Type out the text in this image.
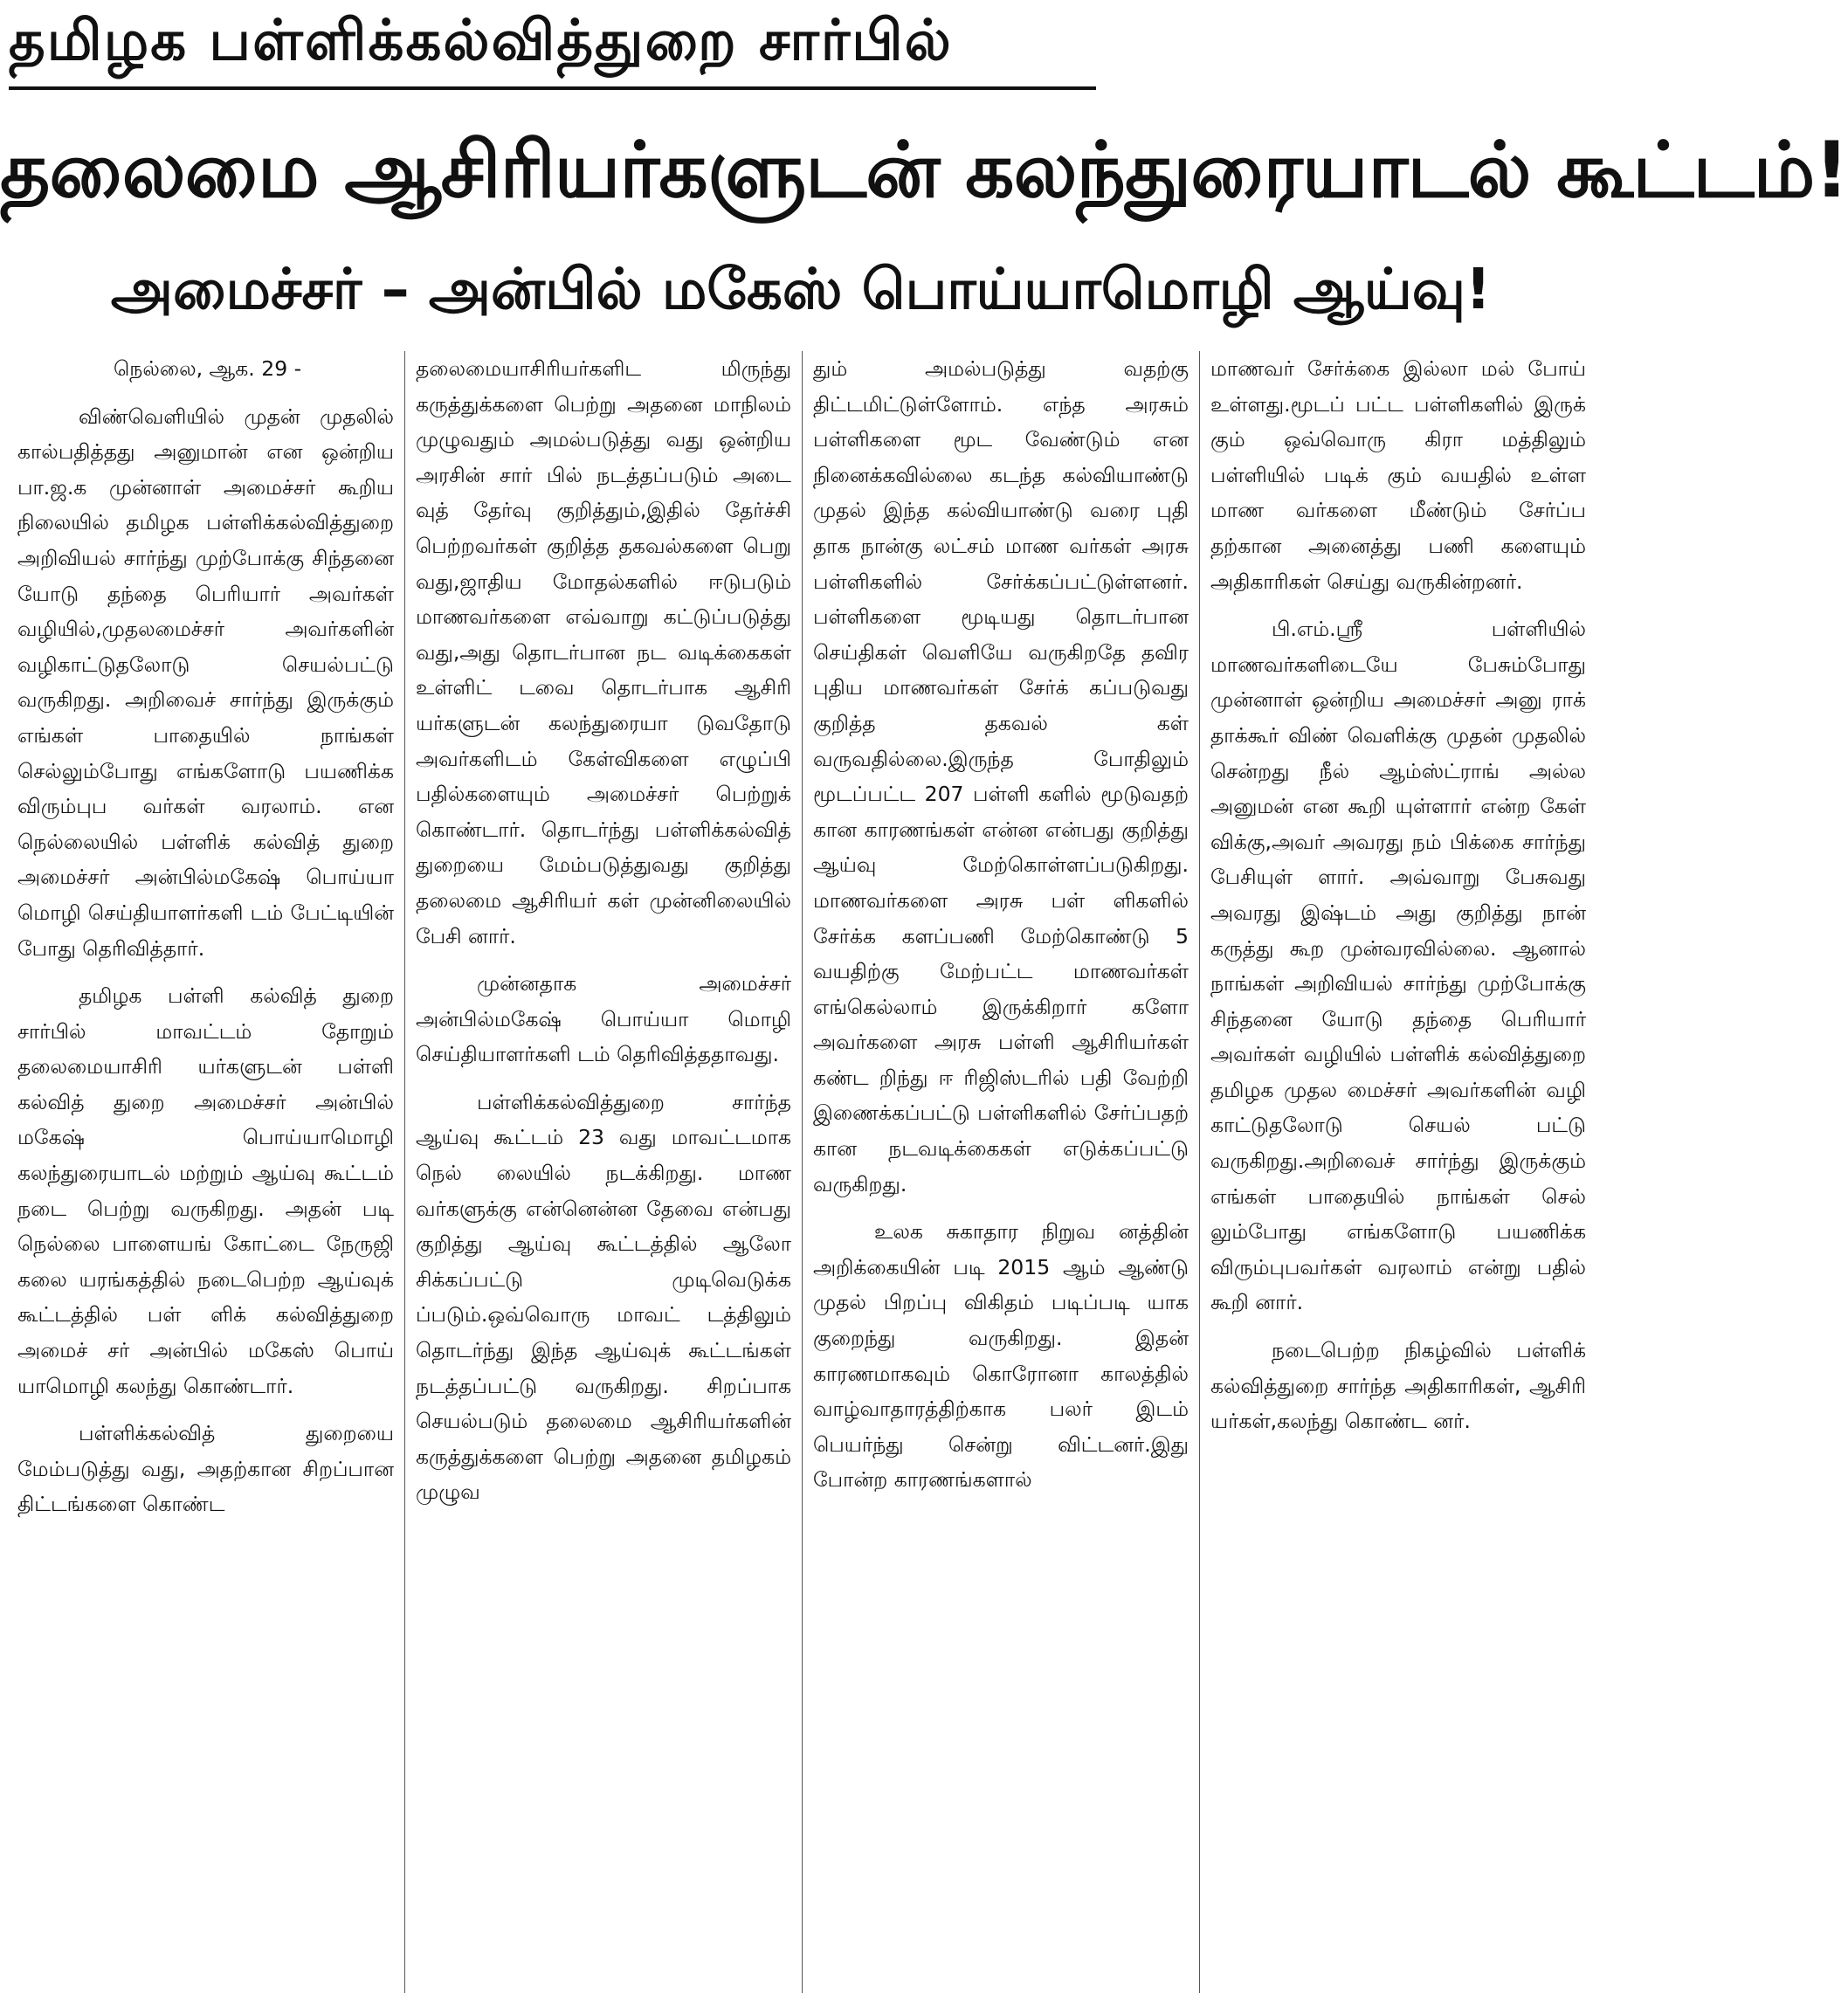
தமிழக பள்ளிக்கல்வித்துறை சார்பில்
தலைமை ஆசிரியர்களுடன் கலந்துரையாடல் கூட்டம்!
அமைச்சர் – அன்பில் மகேஸ் பொய்யாமொழி ஆய்வு!

நெல்லை, ஆக. 29 -

விண்வெளியில் முதன் முதலில் கால்பதித்தது அனுமான் என ஒன்றிய பா.ஜ.க முன்னாள் அமைச்சர் கூறிய நிலையில் தமிழக பள்ளிக்கல்வித்துறை அறிவியல் சார்ந்து முற்போக்கு சிந்தனை யோடு தந்தை பெரியார் அவர்கள் வழியில்,முதலமைச்சர் அவர்களின் வழிகாட்டுதலோடு செயல்பட்டு வருகிறது. அறிவைச் சார்ந்து இருக்கும் எங்கள் பாதையில் நாங்கள் செல்லும்போது எங்களோடு பயணிக்க விரும்புப வர்கள் வரலாம். என நெல்லையில் பள்ளிக் கல்வித் துறை அமைச்சர் அன்பில்மகேஷ் பொய்யா மொழி செய்தியாளர்களி டம் பேட்டியின் போது தெரிவித்தார்.

தமிழக பள்ளி கல்வித் துறை சார்பில் மாவட்டம் தோறும் தலைமையாசிரி யர்களுடன் பள்ளி கல்வித் துறை அமைச்சர் அன்பில் மகேஷ் பொய்யாமொழி கலந்துரையாடல் மற்றும் ஆய்வு கூட்டம் நடை பெற்று வருகிறது. அதன் படி நெல்லை பாளையங் கோட்டை நேருஜி கலை யரங்கத்தில் நடைபெற்ற ஆய்வுக் கூட்டத்தில் பள் ளிக் கல்வித்துறை அமைச் சர் அன்பில் மகேஸ் பொய் யாமொழி கலந்து கொண்டார்.

பள்ளிக்கல்வித் துறையை மேம்படுத்து வது, அதற்கான சிறப்பான திட்டங்களை கொண்ட

தலைமையாசிரியர்களிட மிருந்து கருத்துக்களை பெற்று அதனை மாநிலம் முழுவதும் அமல்படுத்து வது ஒன்றிய அரசின் சார் பில் நடத்தப்படும் அடை வுத் தேர்வு குறித்தும்,இதில் தேர்ச்சி பெற்றவர்கள் குறித்த தகவல்களை பெறு வது,ஜாதிய மோதல்களில் ஈடுபடும் மாணவர்களை எவ்வாறு கட்டுப்படுத்து வது,அது தொடர்பான நட வடிக்கைகள் உள்ளிட் டவை தொடர்பாக ஆசிரி யர்களுடன் கலந்துரையா டுவதோடு அவர்களிடம் கேள்விகளை எழுப்பி பதில்களையும் அமைச்சர் பெற்றுக் கொண்டார். தொடர்ந்து பள்ளிக்கல்வித் துறையை மேம்படுத்துவது குறித்து தலைமை ஆசிரியர் கள் முன்னிலையில் பேசி னார்.

முன்னதாக அமைச்சர் அன்பில்மகேஷ் பொய்யா மொழி செய்தியாளர்களி டம் தெரிவித்ததாவது.

பள்ளிக்கல்வித்துறை சார்ந்த ஆய்வு கூட்டம் 23 வது மாவட்டமாக நெல் லையில் நடக்கிறது. மாண வர்களுக்கு என்னென்ன தேவை என்பது குறித்து ஆய்வு கூட்டத்தில் ஆலோ சிக்கப்பட்டு முடிவெடுக்க ப்படும்.ஒவ்வொரு மாவட் டத்திலும் தொடர்ந்து இந்த ஆய்வுக் கூட்டங்கள் நடத்தப்பட்டு வருகிறது. சிறப்பாக செயல்படும் தலைமை ஆசிரியர்களின் கருத்துக்களை பெற்று அதனை தமிழகம் முழுவ

தும் அமல்படுத்து வதற்கு திட்டமிட்டுள்ளோம். எந்த அரசும் பள்ளிகளை மூட வேண்டும் என நினைக்கவில்லை கடந்த கல்வியாண்டு முதல் இந்த கல்வியாண்டு வரை புதி தாக நான்கு லட்சம் மாண வர்கள் அரசு பள்ளிகளில் சேர்க்கப்பட்டுள்ளனர். பள்ளிகளை மூடியது தொடர்பான செய்திகள் வெளியே வருகிறதே தவிர புதிய மாணவர்கள் சேர்க் கப்படுவது குறித்த தகவல் கள் வருவதில்லை.இருந்த போதிலும் மூடப்பட்ட 207 பள்ளி களில் மூடுவதற் கான காரணங்கள் என்ன என்பது குறித்து ஆய்வு மேற்கொள்ளப்படுகிறது. மாணவர்களை அரசு பள் ளிகளில் சேர்க்க களப்பணி மேற்கொண்டு 5 வயதிற்கு மேற்பட்ட மாணவர்கள் எங்கெல்லாம் இருக்கிறார் களோ அவர்களை அரசு பள்ளி ஆசிரியர்கள் கண்ட றிந்து ஈ ரிஜிஸ்டரில் பதி வேற்றி இணைக்கப்பட்டு பள்ளிகளில் சேர்ப்பதற் கான நடவடிக்கைகள் எடுக்கப்பட்டு வருகிறது.

உலக சுகாதார நிறுவ னத்தின் அறிக்கையின் படி 2015 ஆம் ஆண்டு முதல் பிறப்பு விகிதம் படிப்படி யாக குறைந்து வருகிறது. இதன் காரணமாகவும் கொரோனா காலத்தில் வாழ்வாதாரத்திற்காக பலர் இடம் பெயர்ந்து சென்று விட்டனர்.இது போன்ற காரணங்களால்

மாணவர் சேர்க்கை இல்லா மல் போய் உள்ளது.மூடப் பட்ட பள்ளிகளில் இருக் கும் ஒவ்வொரு கிரா மத்திலும் பள்ளியில் படிக் கும் வயதில் உள்ள மாண வர்களை மீண்டும் சேர்ப்ப தற்கான அனைத்து பணி களையும் அதிகாரிகள் செய்து வருகின்றனர்.

பி.எம்.ஸ்ரீ பள்ளியில் மாணவர்களிடையே பேசும்போது முன்னாள் ஒன்றிய அமைச்சர் அனு ராக் தாக்கூர் விண் வெளிக்கு முதன் முதலில் சென்றது நீல் ஆம்ஸ்ட்ராங் அல்ல அனுமன் என கூறி யுள்ளார் என்ற கேள் விக்கு,அவர் அவரது நம் பிக்கை சார்ந்து பேசியுள் ளார். அவ்வாறு பேசுவது அவரது இஷ்டம் அது குறித்து நான் கருத்து கூற முன்வரவில்லை. ஆனால் நாங்கள் அறிவியல் சார்ந்து முற்போக்கு சிந்தனை யோடு தந்தை பெரியார் அவர்கள் வழியில் பள்ளிக் கல்வித்துறை தமிழக முதல மைச்சர் அவர்களின் வழி காட்டுதலோடு செயல் பட்டு வருகிறது.அறிவைச் சார்ந்து இருக்கும் எங்கள் பாதையில் நாங்கள் செல் லும்போது எங்களோடு பயணிக்க விரும்புபவர்கள் வரலாம் என்று பதில் கூறி னார்.

நடைபெற்ற நிகழ்வில் பள்ளிக் கல்வித்துறை சார்ந்த அதிகாரிகள், ஆசிரி யர்கள்,கலந்து கொண்ட னர்.
